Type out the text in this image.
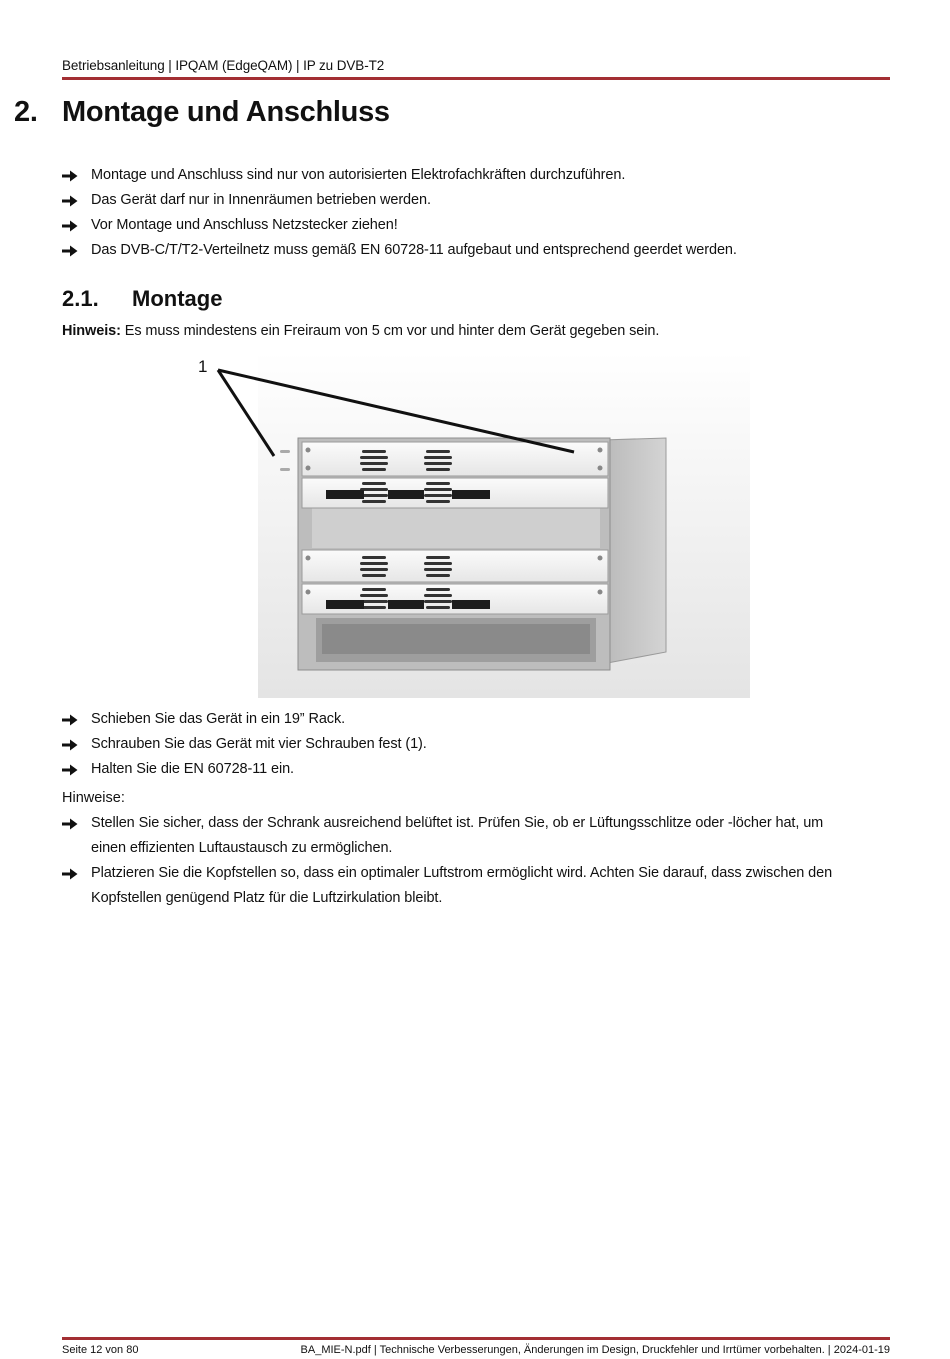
Betriebsanleitung | IPQAM (EdgeQAM) | IP zu DVB-T2
2. Montage und Anschluss
Montage und Anschluss sind nur von autorisierten Elektrofachkräften durchzuführen.
Das Gerät darf nur in Innenräumen betrieben werden.
Vor Montage und Anschluss Netzstecker ziehen!
Das DVB-C/T/T2-Verteilnetz muss gemäß EN 60728-11 aufgebaut und entsprechend geerdet werden.
2.1. Montage
Hinweis: Es muss mindestens ein Freiraum von 5 cm vor und hinter dem Gerät gegeben sein.
1
Schieben Sie das Gerät in ein 19” Rack.
Schrauben Sie das Gerät mit vier Schrauben fest (1).
Halten Sie die EN 60728-11 ein.
Hinweise:
Stellen Sie sicher, dass der Schrank ausreichend belüftet ist. Prüfen Sie, ob er Lüftungsschlitze oder -löcher hat, um einen effizienten Luftaustausch zu ermöglichen.
Platzieren Sie die Kopfstellen so, dass ein optimaler Luftstrom ermöglicht wird. Achten Sie darauf, dass zwischen den Kopfstellen genügend Platz für die Luftzirkulation bleibt.
Seite 12 von 80	BA_MIE-N.pdf | Technische Verbesserungen, Änderungen im Design, Druckfehler und Irrtümer vorbehalten. | 2024-01-19
